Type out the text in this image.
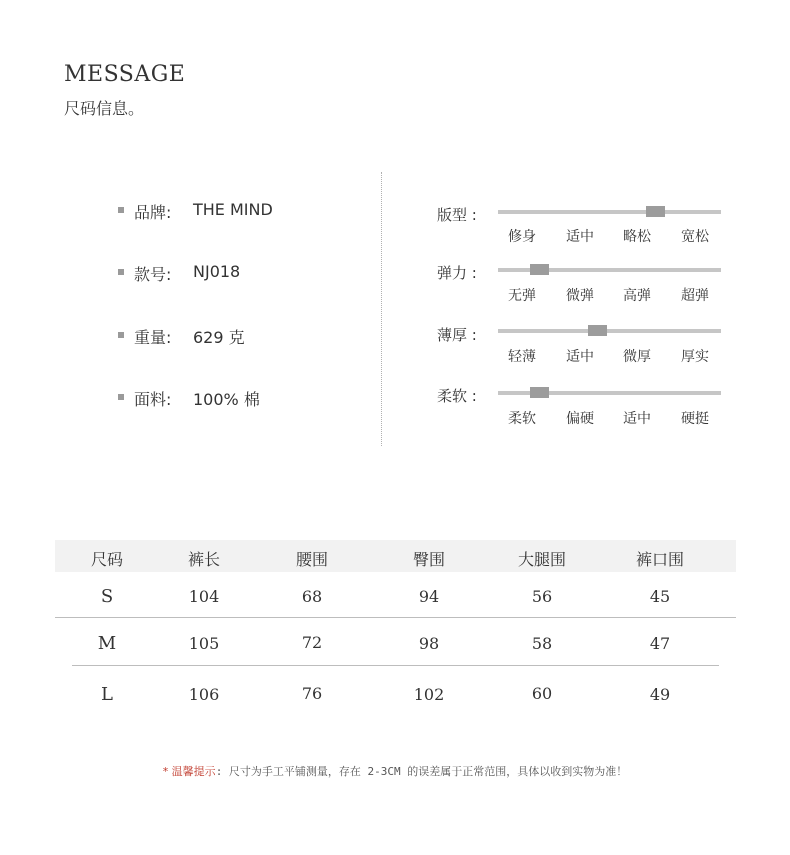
MESSAGE
尺码信息。
品牌: THE MIND
款号: NJ018
重量: 629 克
面料: 100% 棉
版型 :
修身	适中	略松	宽松
弹力 :
无弹	微弹	高弹	超弹
薄厚 :
轻薄	适中	微厚	厚实
柔软 :
柔软	偏硬	适中	硬挺
尺码	裤长	腰围	臀围	大腿围	裤口围
S	104	68	94	56	45
M	105	72	98	58	47
L	106	76	102	60	49
* 温馨提示: 尺寸为手工平铺测量，存在 2-3CM 的误差属于正常范围，具体以收到实物为准！
